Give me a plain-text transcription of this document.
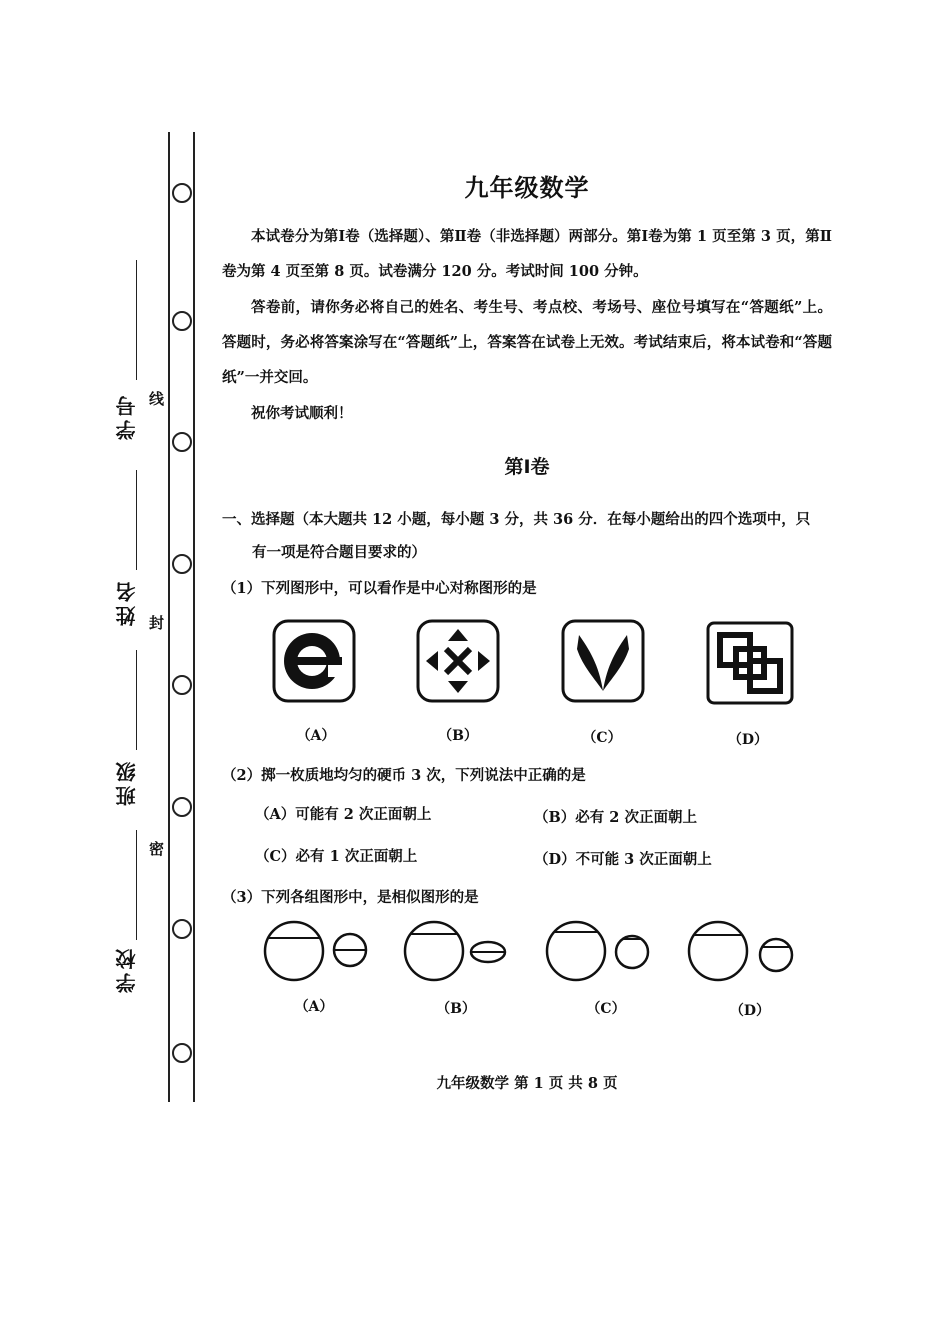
学号
姓名
班级
学校
线
封
密
九年级数学
本试卷分为第Ⅰ卷（选择题）、第Ⅱ卷（非选择题）两部分。第Ⅰ卷为第 1 页至第 3 页，第Ⅱ卷为第 4 页至第 8 页。试卷满分 120 分。考试时间 100 分钟。
答卷前，请你务必将自己的姓名、考生号、考点校、考场号、座位号填写在“答题纸”上。答题时，务必将答案涂写在“答题纸”上，答案答在试卷上无效。考试结束后，将本试卷和“答题纸”一并交回。
祝你考试顺利！
第Ⅰ卷
一、选择题（本大题共 12 小题，每小题 3 分，共 36 分．在每小题给出的四个选项中，只
有一项是符合题目要求的）
（1）下列图形中，可以看作是中心对称图形的是
（A）	（B）	（C）	（D）
（2）掷一枚质地均匀的硬币 3 次，下列说法中正确的是
（A）可能有 2 次正面朝上	（B）必有 2 次正面朝上
（C）必有 1 次正面朝上	（D）不可能 3 次正面朝上
（3）下列各组图形中，是相似图形的是
（A）	（B）	（C）	（D）
九年级数学 第 1 页 共 8 页
